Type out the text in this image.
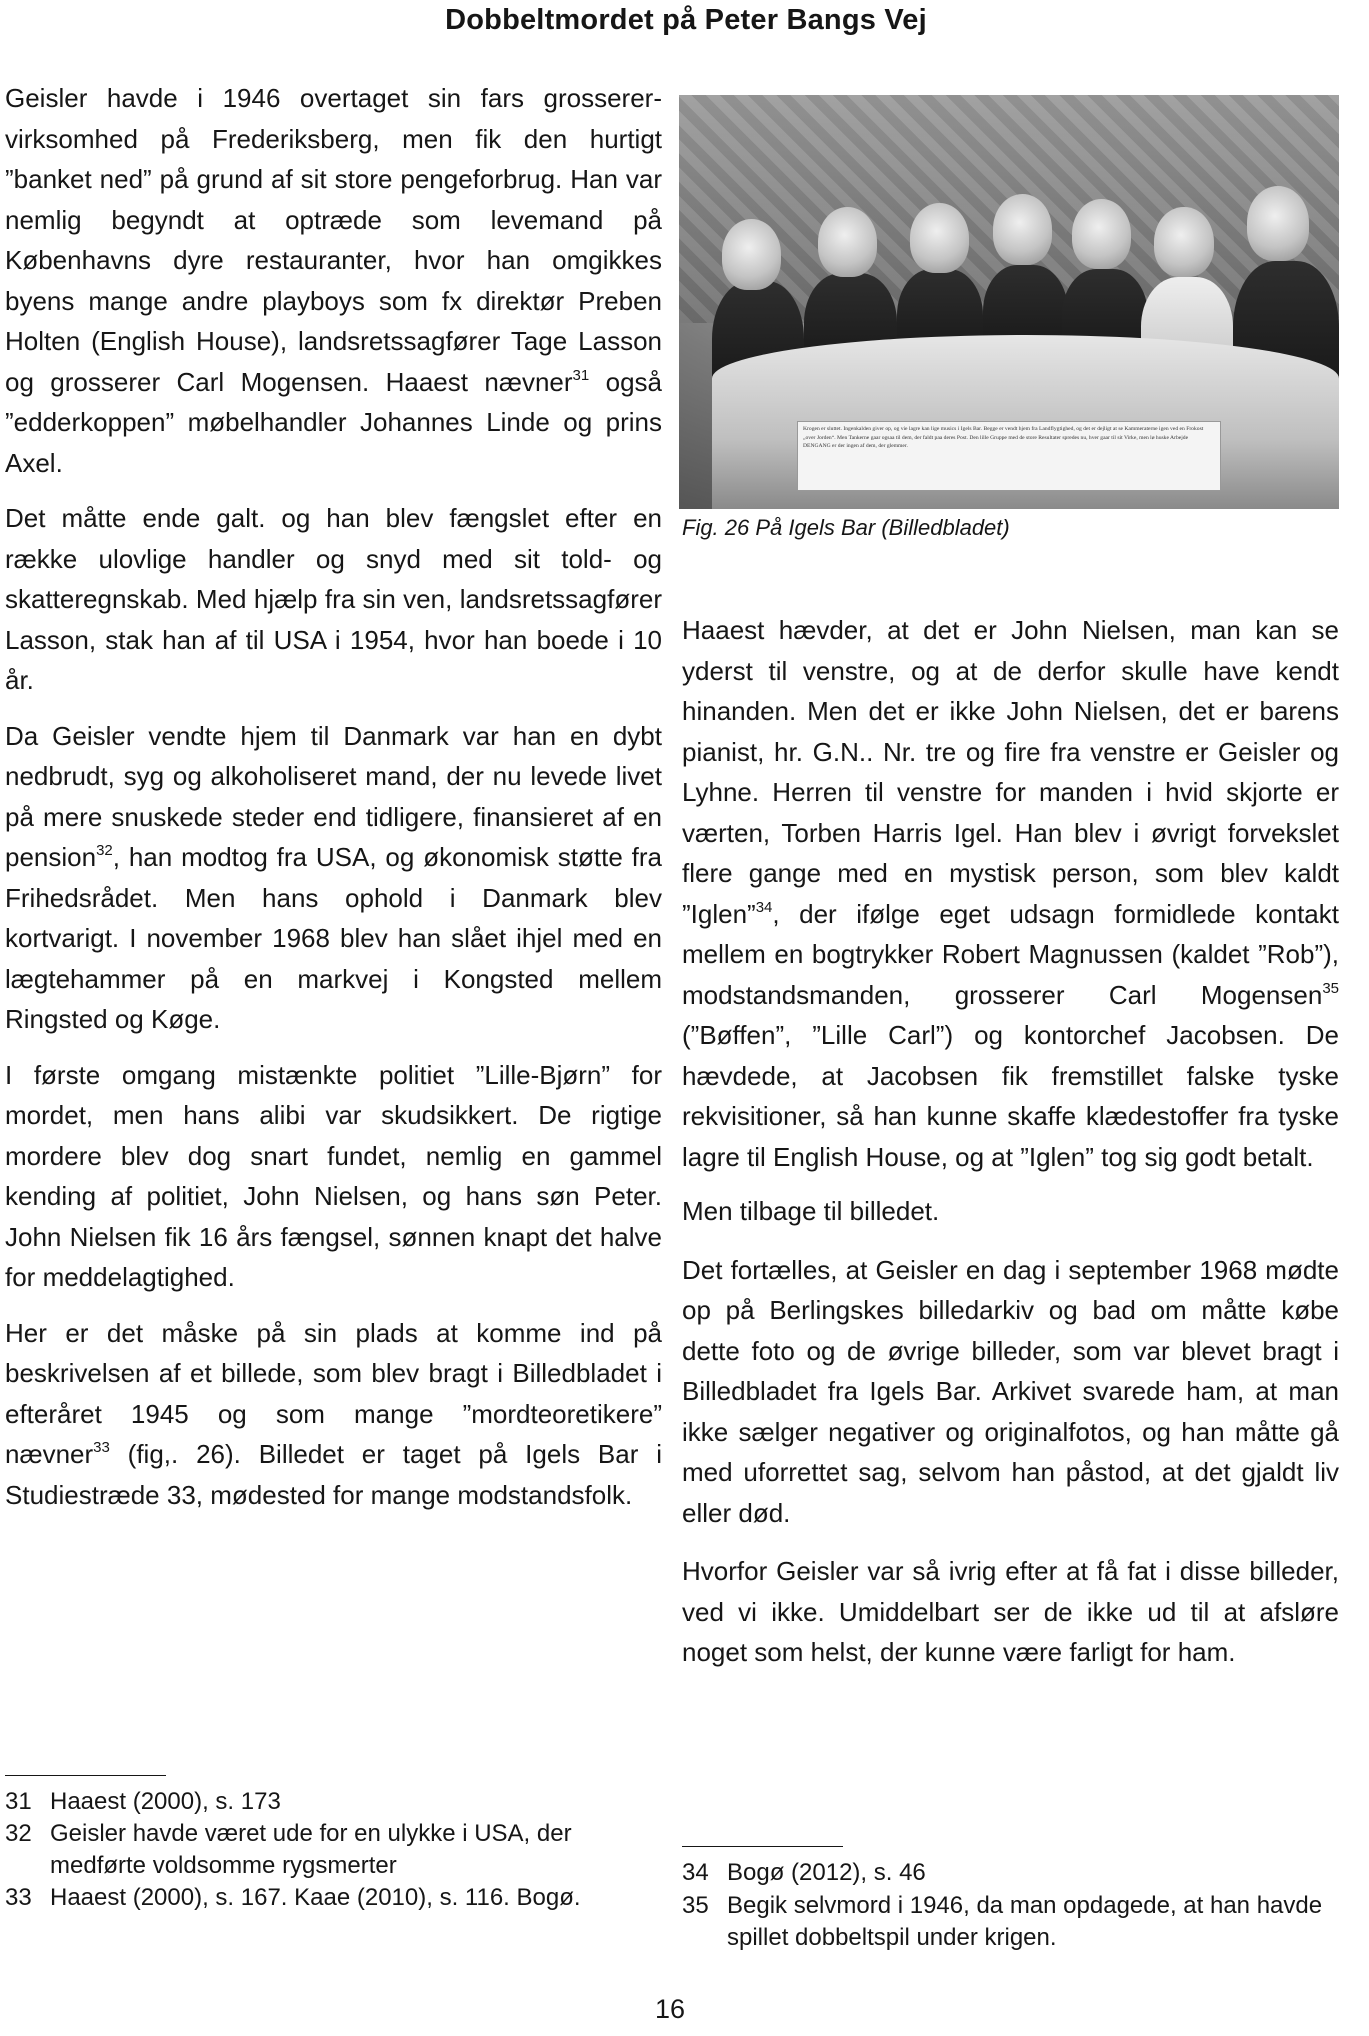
Dobbeltmordet på Peter Bangs Vej

Geisler havde i 1946 overtaget sin fars grosserer-virksomhed på Frederiksberg, men fik den hurtigt ”banket ned” på grund af sit store pengeforbrug. Han var nemlig begyndt at optræde som levemand på Københavns dyre restauranter, hvor han omgikkes byens mange andre playboys som fx direktør Preben Holten (English House), landsretssagfører Tage Lasson og grosserer Carl Mogensen. Haaest nævner$^{31}$ også ”edderkoppen” møbelhandler Johannes Linde og prins Axel.

Det måtte ende galt. og han blev fængslet efter en række ulovlige handler og snyd med sit told- og skatteregnskab. Med hjælp fra sin ven, landsretssagfører Lasson, stak han af til USA i 1954, hvor han boede i 10 år.

Da Geisler vendte hjem til Danmark var han en dybt nedbrudt, syg og alkoholiseret mand, der nu levede livet på mere snuskede steder end tidligere, finansieret af en pension$^{32}$, han modtog fra USA, og økonomisk støtte fra Frihedsrådet. Men hans ophold i Danmark blev kortvarigt. I november 1968 blev han slået ihjel med en lægtehammer på en markvej i Kongsted mellem Ringsted og Køge.

I første omgang mistænkte politiet ”Lille-Bjørn” for mordet, men hans alibi var skudsikkert. De rigtige mordere blev dog snart fundet, nemlig en gammel kending af politiet, John Nielsen, og hans søn Peter. John Nielsen fik 16 års fængsel, sønnen knapt det halve for meddelagtighed.

Her er det måske på sin plads at komme ind på beskrivelsen af et billede, som blev bragt i Billedbladet i efteråret 1945 og som mange ”mordteoretikere” nævner$^{33}$ (fig,. 26). Billedet er taget på Igels Bar i Studiestræde 33, mødested for mange modstandsfolk.

Krogen er sluttet. Ingenkalden giver op, og vie lagre kan lige musics i Igels Bar. Begge er vendt hjem fra Landflygtighed, og det er dejligt at se Kammeraterne igen ved en Frokost „over Jorden“. Men Tankerne gaar ogsaa til dem, der faldt paa deres Post. Den lille Gruppe med de store Resultater spredes nu, hver gaar til sit Virke, men lø huske Arbejde DENGANG er der ingen af dem, der glemmer.
Fig. 26 På Igels Bar (Billedbladet)

Haaest hævder, at det er John Nielsen, man kan se yderst til venstre, og at de derfor skulle have kendt hinanden. Men det er ikke John Nielsen, det er barens pianist, hr. G.N.. Nr. tre og fire fra venstre er Geisler og Lyhne. Herren til venstre for manden i hvid skjorte er værten, Torben Harris Igel. Han blev i øvrigt forvekslet flere gange med en mystisk person, som blev kaldt ”Iglen”$^{34}$, der ifølge eget udsagn formidlede kontakt mellem en bogtrykker Robert Magnussen (kaldet ”Rob”), modstandsmanden, grosserer Carl Mogensen$^{35}$ (”Bøffen”, ”Lille Carl”) og kontorchef Jacobsen. De hævdede, at Jacobsen fik fremstillet falske tyske rekvisitioner, så han kunne skaffe klædestoffer fra tyske lagre til English House, og at ”Iglen” tog sig godt betalt.

Men tilbage til billedet.

Det fortælles, at Geisler en dag i september 1968 mødte op på Berlingskes billedarkiv og bad om måtte købe dette foto og de øvrige billeder, som var blevet bragt i Billedbladet fra Igels Bar. Arkivet svarede ham, at man ikke sælger negativer og originalfotos, og han måtte gå med uforrettet sag, selvom han påstod, at det gjaldt liv eller død.

Hvorfor Geisler var så ivrig efter at få fat i disse billeder, ved vi ikke. Umiddelbart ser de ikke ud til at afsløre noget som helst, der kunne være farligt for ham.

31 Haaest (2000), s. 173
32 Geisler havde været ude for en ulykke i USA, der medførte voldsomme rygsmerter
33 Haaest (2000), s. 167. Kaae (2010), s. 116. Bogø.
34 Bogø (2012), s. 46
35 Begik selvmord i 1946, da man opdagede, at han havde spillet dobbeltspil under krigen.
16
